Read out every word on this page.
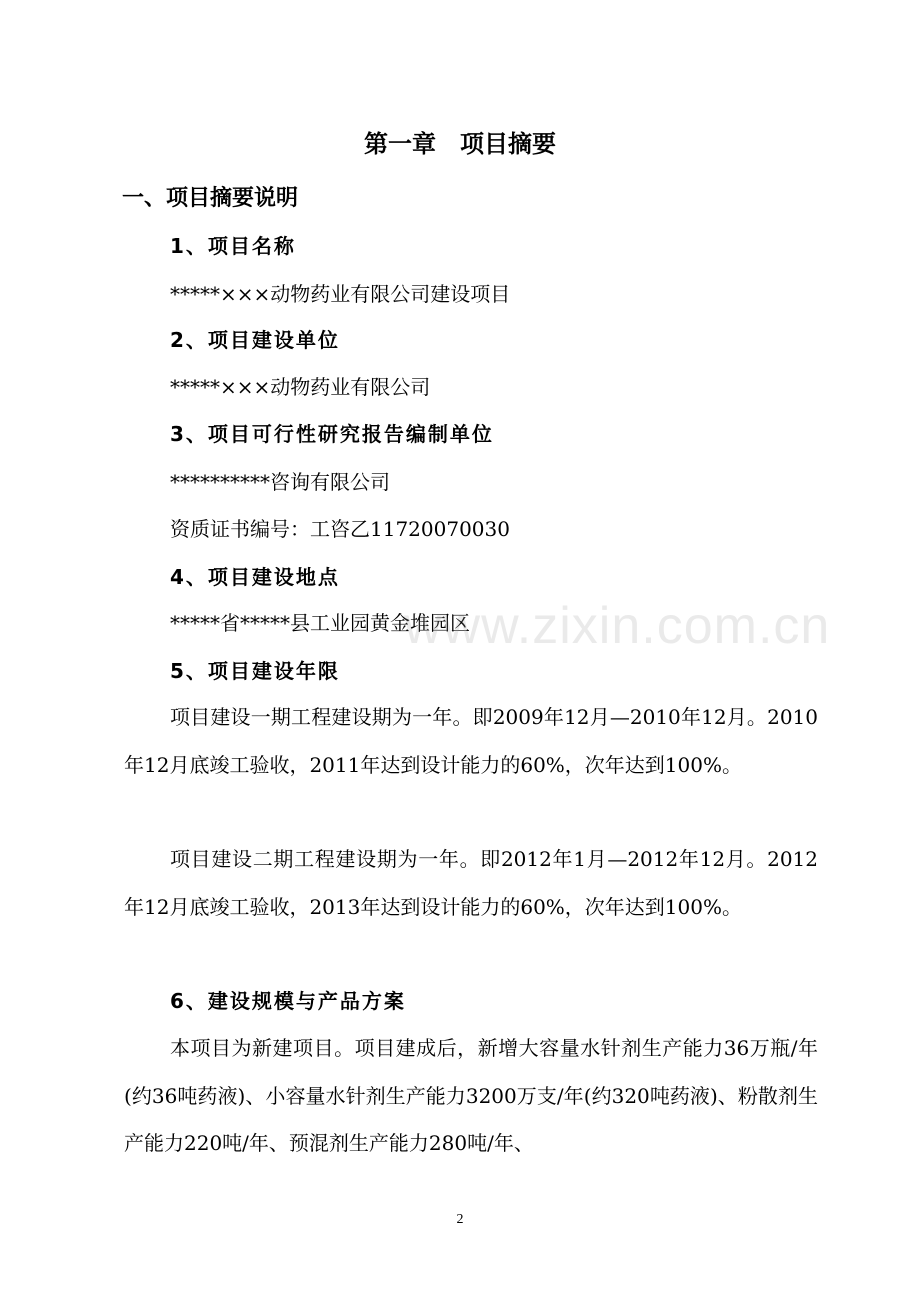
第一章　项目摘要
一、项目摘要说明
1、项目名称
*****×××动物药业有限公司建设项目
2、项目建设单位
*****×××动物药业有限公司
3、项目可行性研究报告编制单位
**********咨询有限公司
资质证书编号：工咨乙11720070030
4、项目建设地点
*****省*****县工业园黄金堆园区
5、项目建设年限

项目建设一期工程建设期为一年。即2009年12月—2010年12月。2010年12月底竣工验收，2011年达到设计能力的60%，次年达到100%。

项目建设二期工程建设期为一年。即2012年1月—2012年12月。2012年12月底竣工验收，2013年达到设计能力的60%，次年达到100%。

6、建设规模与产品方案

本项目为新建项目。项目建成后，新增大容量水针剂生产能力36万瓶/年(约36吨药液)、小容量水针剂生产能力3200万支/年(约320吨药液)、粉散剂生产能力220吨/年、预混剂生产能力280吨/年、

www.zixin.com.cn
2
